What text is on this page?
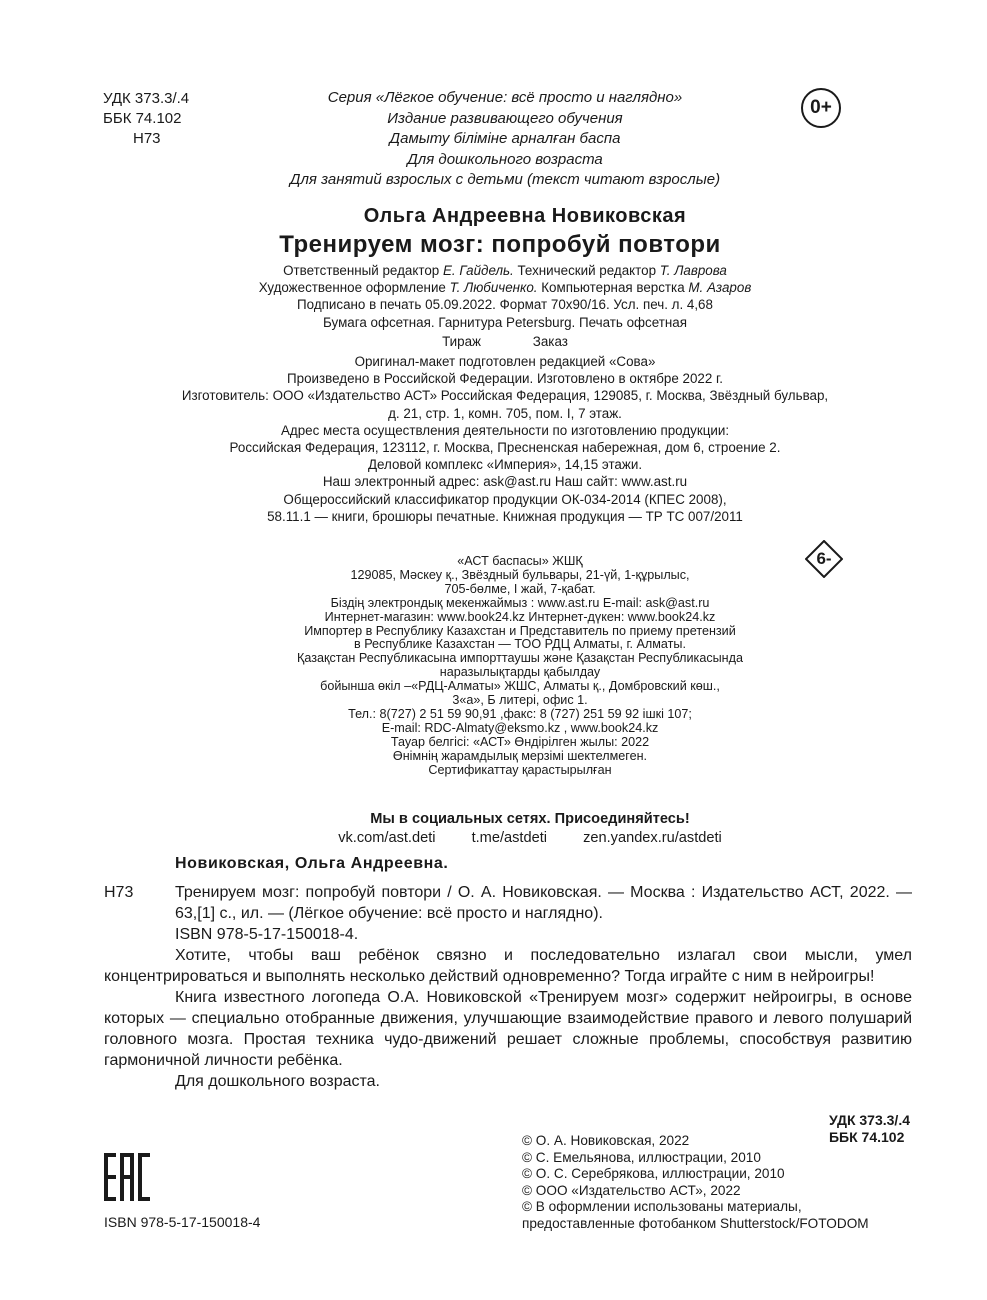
УДК 373.3/.4
ББК 74.102
Н73
Серия «Лёгкое обучение: всё просто и наглядно»
Издание развивающего обучения
Дамыту біліміне арналған баспа
Для дошкольного возраста
Для занятий взрослых с детьми (текст читают взрослые)
0+
Ольга Андреевна Новиковская
Тренируем мозг: попробуй повтори
Ответственный редактор Е. Гайдель. Технический редактор Т. Лаврова
Художественное оформление Т. Любиченко. Компьютерная верстка М. Азаров
Подписано в печать 05.09.2022. Формат 70x90/16. Усл. печ. л. 4,68
Бумага офсетная. Гарнитура Petersburg. Печать офсетная
Тираж	Заказ
Оригинал-макет подготовлен редакцией «Сова»
Произведено в Российской Федерации. Изготовлено в октябре 2022 г.
Изготовитель: ООО «Издательство АСТ» Российская Федерация, 129085, г. Москва, Звёздный бульвар,
д. 21, стр. 1, комн. 705, пом. I, 7 этаж.
Адрес места осуществления деятельности по изготовлению продукции:
Российская Федерация, 123112, г. Москва, Пресненская набережная, дом 6, строение 2.
Деловой комплекс «Империя», 14,15 этажи.
Наш электронный адрес: ask@ast.ru Наш сайт: www.ast.ru
Общероссийский классификатор продукции ОК-034-2014 (КПЕС 2008),
58.11.1 — книги, брошюры печатные. Книжная продукция — ТР ТС 007/2011
«АСТ баспасы» ЖШҚ
129085, Мәскеу қ., Звёздный бульвары, 21-үй, 1-құрылыс,
705-бөлме, I жай, 7-қабат.
Біздің электрондық мекенжаймыз : www.ast.ru E-mail: ask@ast.ru
Интернет-магазин: www.book24.kz Интернет-дүкен: www.book24.kz
Импортер в Республику Казахстан и Представитель по приему претензий
в Республике Казахстан — ТОО РДЦ Алматы, г. Алматы.
Қазақстан Республикасына импорттаушы және Қазақстан Республикасында
наразылықтарды қабылдау
бойынша өкіл –«РДЦ-Алматы» ЖШС, Алматы қ., Домбровский көш.,
3«а», Б литері, офис 1.
Тел.: 8(727) 2 51 59 90,91 ,факс: 8 (727) 251 59 92 ішкі 107;
E-mail: RDC-Almaty@eksmo.kz , www.book24.kz
Тауар белгісі: «АСТ» Өндірілген жылы: 2022
Өнімнің жарамдылық мерзімі шектелмеген.
Сертификаттау қарастырылған
6-
Мы в социальных сетях. Присоединяйтесь!
vk.com/ast.deti t.me/astdeti zen.yandex.ru/astdeti
Новиковская, Ольга Андреевна.
Н73	Тренируем мозг: попробуй повтори / О. А. Новиковская. — Москва : Издательство АСТ, 2022. — 63,[1] с., ил. — (Лёгкое обучение: всё просто и наглядно).
ISBN 978-5-17-150018-4.

Хотите, чтобы ваш ребёнок связно и последовательно излагал свои мысли, умел концентрироваться и выполнять несколько действий одновременно? Тогда играйте с ним в нейроигры!

Книга известного логопеда О.А. Новиковской «Тренируем мозг» содержит нейроигры, в основе которых — специально отобранные движения, улучшающие взаимодействие правого и левого полушарий головного мозга. Простая техника чудо-движений решает сложные проблемы, способствуя развитию гармоничной личности ребёнка.

Для дошкольного возраста.

УДК 373.3/.4
ББК 74.102
© О. А. Новиковская, 2022
© С. Емельянова, иллюстрации, 2010
© О. С. Серебрякова, иллюстрации, 2010
© ООО «Издательство АСТ», 2022
© В оформлении использованы материалы,
предоставленные фотобанком Shutterstock/FOTODOM
ISBN 978-5-17-150018-4
